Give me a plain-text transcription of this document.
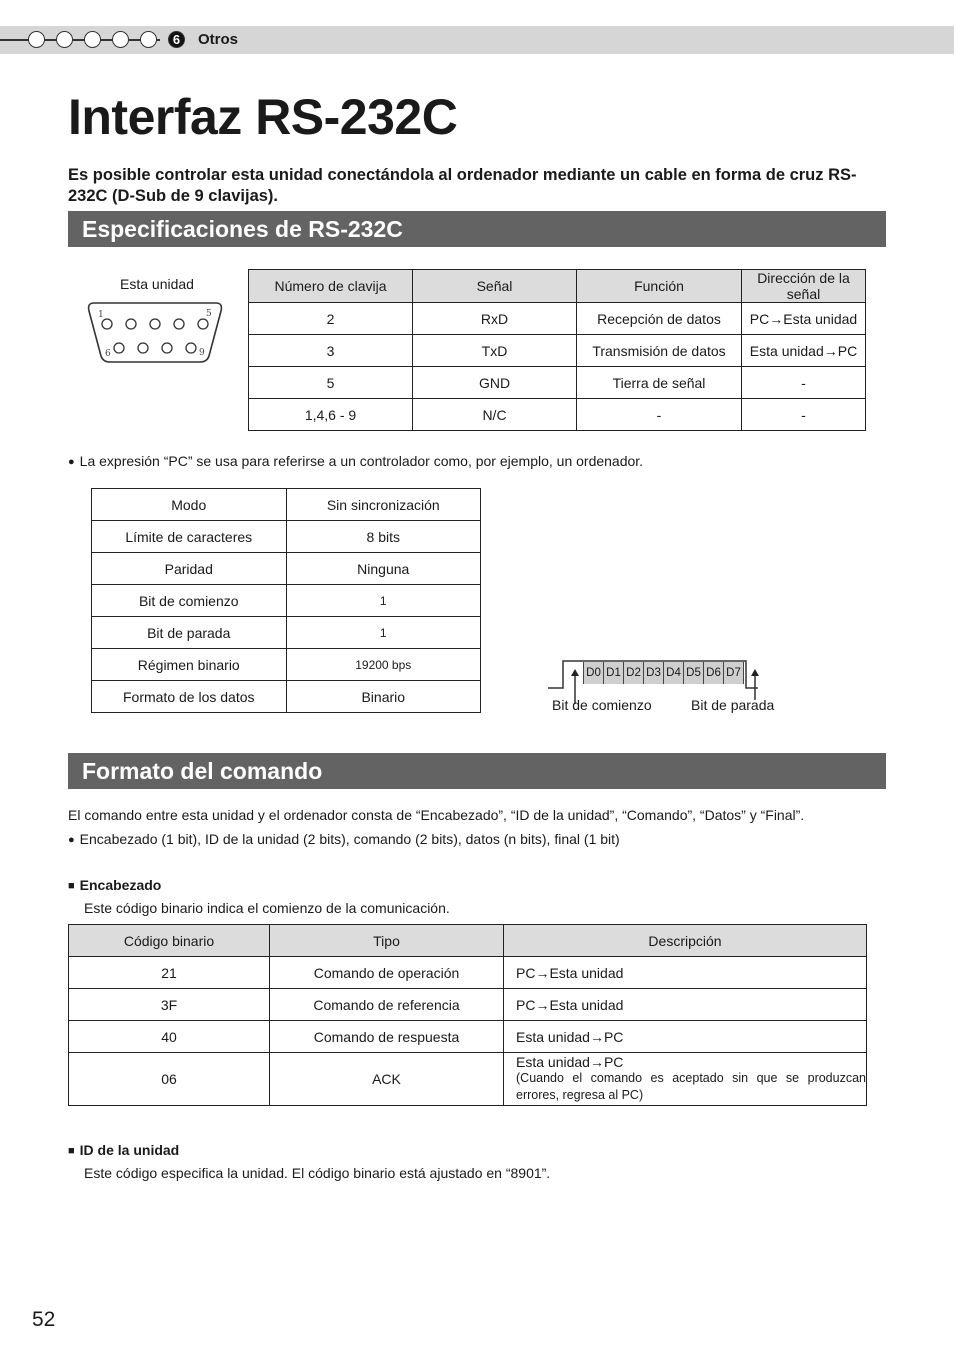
6	Otros
Interfaz RS-232C
Es posible controlar esta unidad conectándola al ordenador mediante un cable en forma de cruz RS-232C (D-Sub de 9 clavijas).
Especificaciones de RS-232C
Esta unidad
1	5
6	9
Número de clavija	Señal	Función	Dirección de la señal
2	RxD	Recepción de datos	PC→Esta unidad
3	TxD	Transmisión de datos	Esta unidad→PC
5	GND	Tierra de señal	-
1,4,6 - 9	N/C	-	-
● La expresión “PC” se usa para referirse a un controlador como, por ejemplo, un ordenador.
Modo	Sin sincronización
Límite de caracteres	8 bits
Paridad	Ninguna
Bit de comienzo	1
Bit de parada	1
Régimen binario	19200 bps
Formato de los datos	Binario
D0 D1 D2 D3 D4 D5 D6 D7
Bit de comienzo	Bit de parada
Formato del comando
El comando entre esta unidad y el ordenador consta de “Encabezado”, “ID de la unidad”, “Comando”, “Datos” y “Final”.
● Encabezado (1 bit), ID de la unidad (2 bits), comando (2 bits), datos (n bits), final (1 bit)
■ Encabezado
Este código binario indica el comienzo de la comunicación.
Código binario	Tipo	Descripción
21	Comando de operación	PC→Esta unidad
3F	Comando de referencia	PC→Esta unidad
40	Comando de respuesta	Esta unidad→PC
06	ACK	Esta unidad→PC
(Cuando el comando es aceptado sin que se produzcan errores, regresa al PC)
■ ID de la unidad
Este código especifica la unidad. El código binario está ajustado en “8901”.
52
